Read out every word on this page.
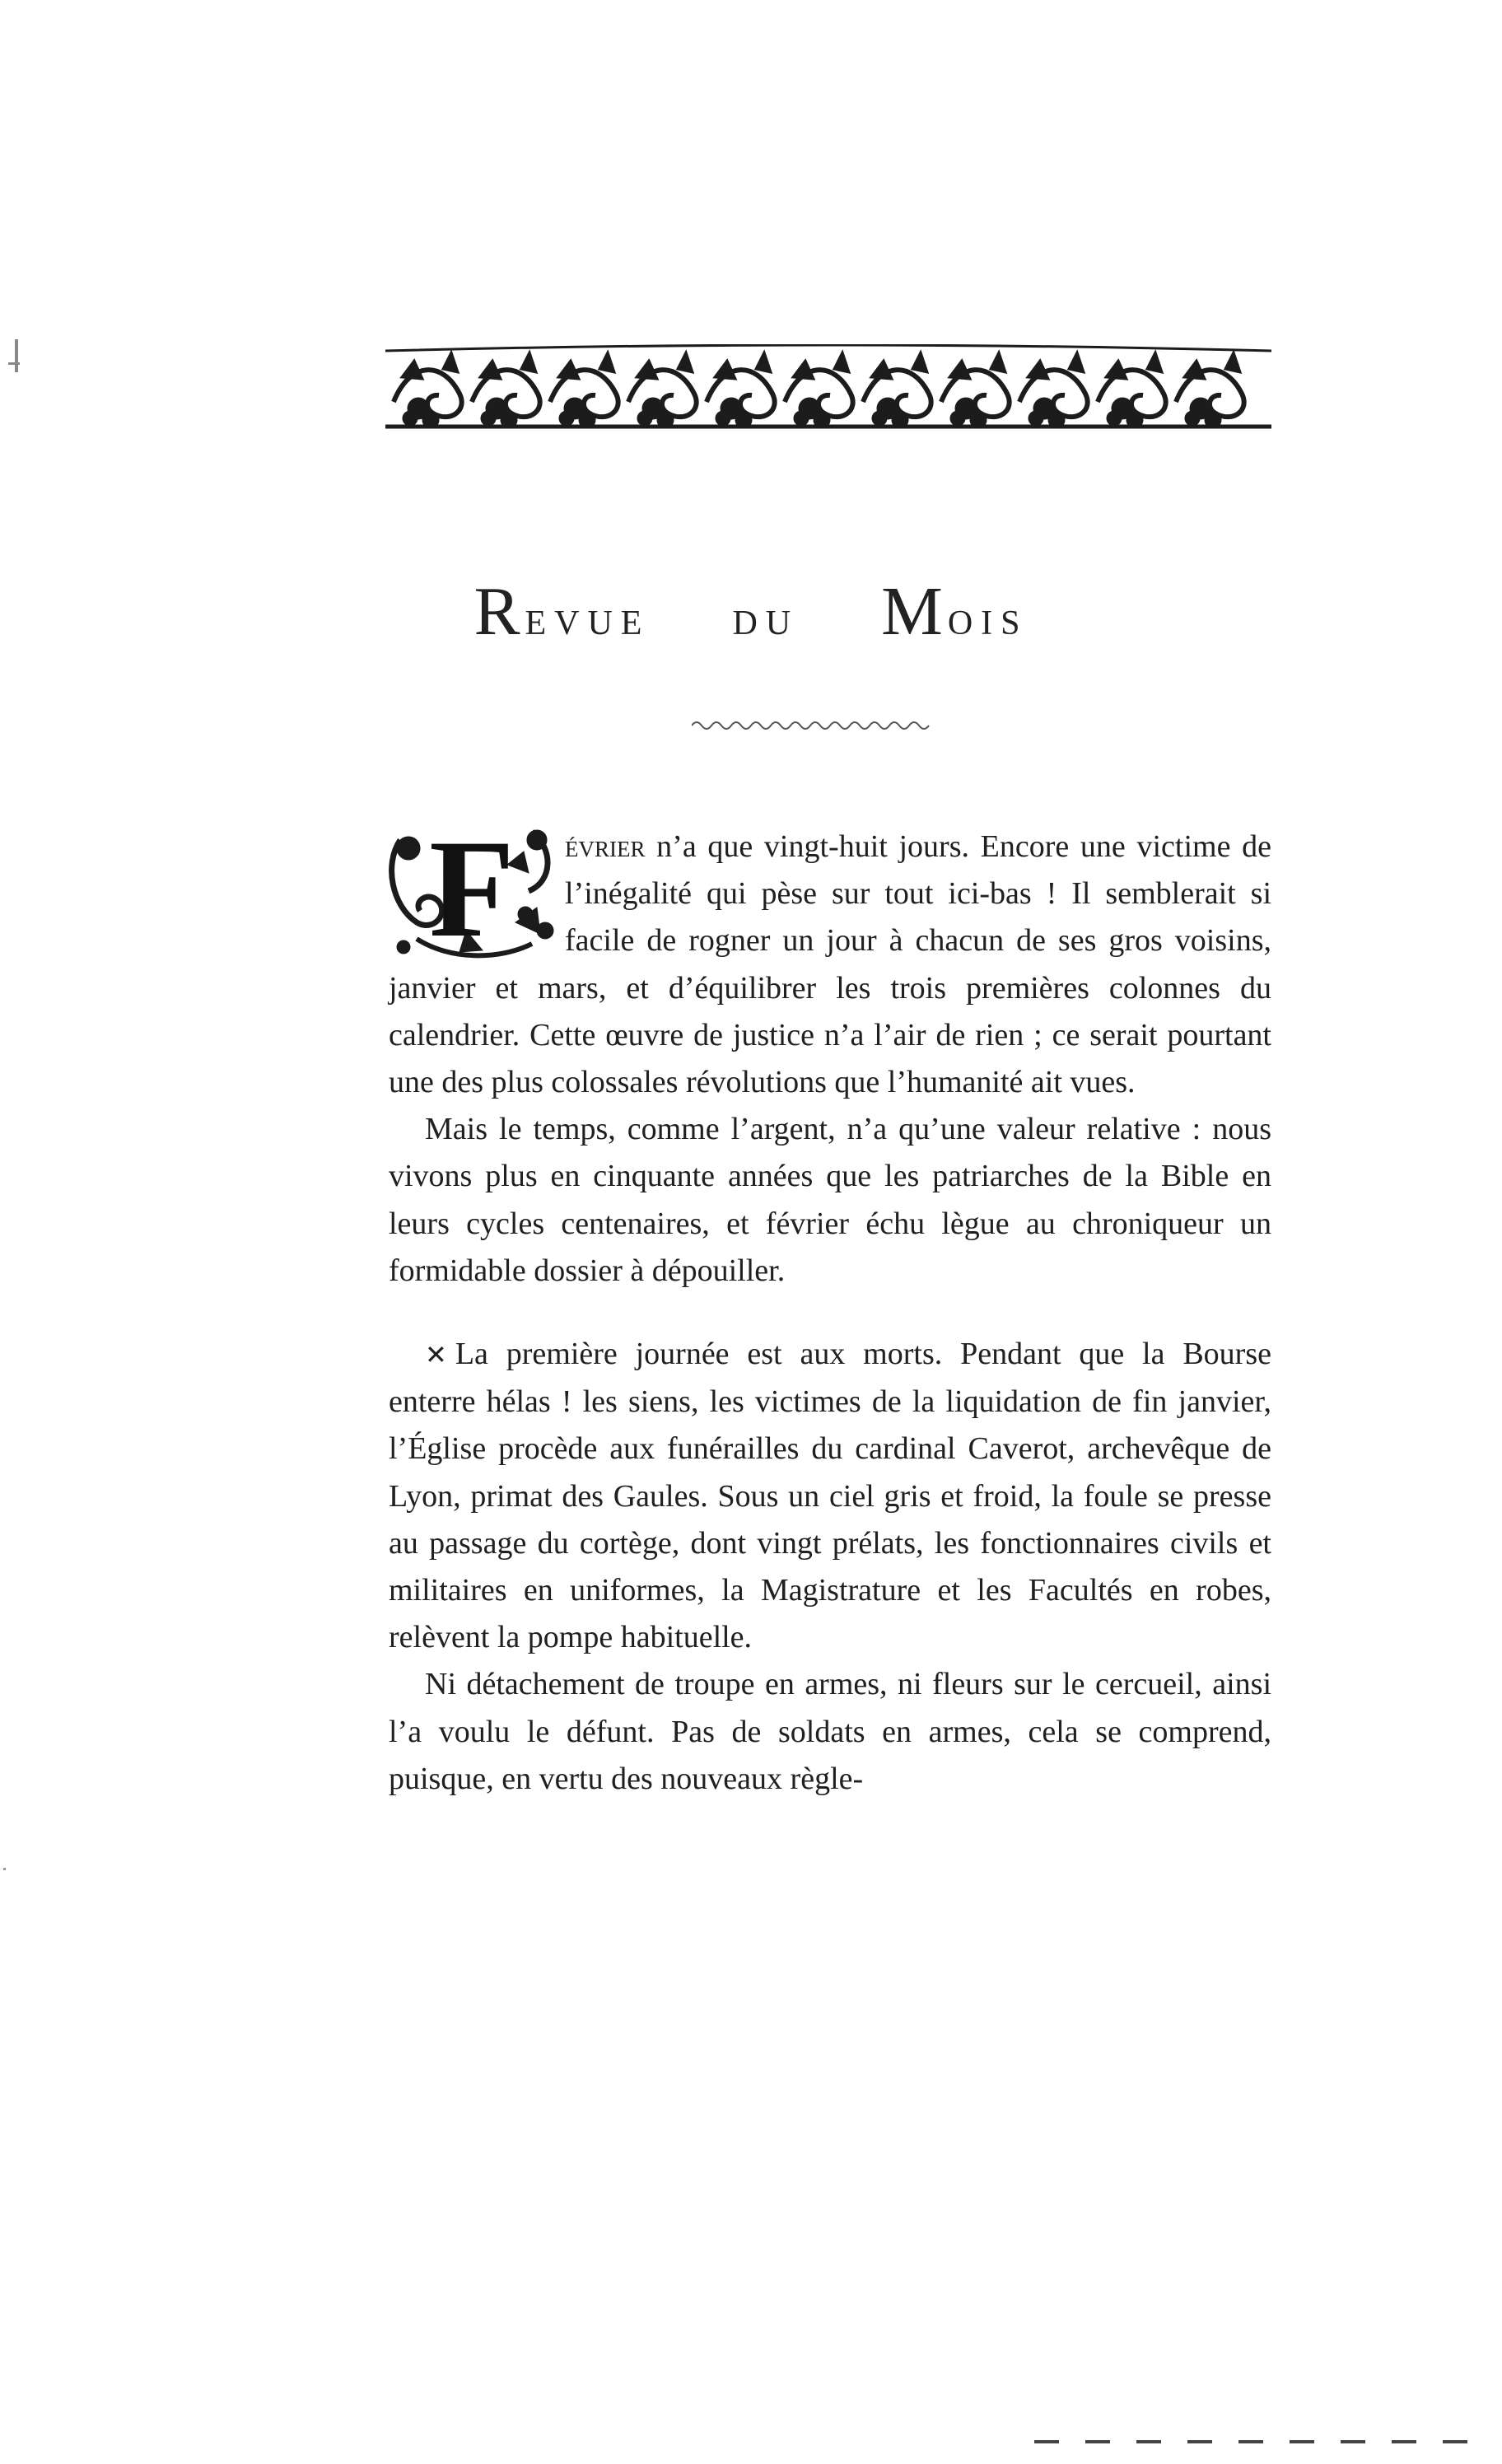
Revue du Mois
F	évrier n’a que vingt-huit jours. Encore une victime de l’inégalité qui pèse sur tout ici-bas ! Il semblerait si facile de rogner un jour à chacun de ses gros voisins, janvier et mars, et d’équilibrer les trois premières colonnes du calendrier. Cette œuvre de justice n’a l’air de rien ; ce serait pourtant une des plus colossales révolutions que l’humanité ait vues.

Mais le temps, comme l’argent, n’a qu’une valeur relative : nous vivons plus en cinquante années que les patriarches de la Bible en leurs cycles centenaires, et février échu lègue au chroniqueur un formidable dossier à dépouiller.

✕ La première journée est aux morts. Pendant que la Bourse enterre hélas ! les siens, les victimes de la liquidation de fin janvier, l’Église procède aux funérailles du cardinal Caverot, archevêque de Lyon, primat des Gaules. Sous un ciel gris et froid, la foule se presse au passage du cortège, dont vingt prélats, les fonctionnaires civils et militaires en uniformes, la Magistrature et les Facultés en robes, relèvent la pompe habituelle.

Ni détachement de troupe en armes, ni fleurs sur le cercueil, ainsi l’a voulu le défunt. Pas de soldats en armes, cela se comprend, puisque, en vertu des nouveaux règle-
